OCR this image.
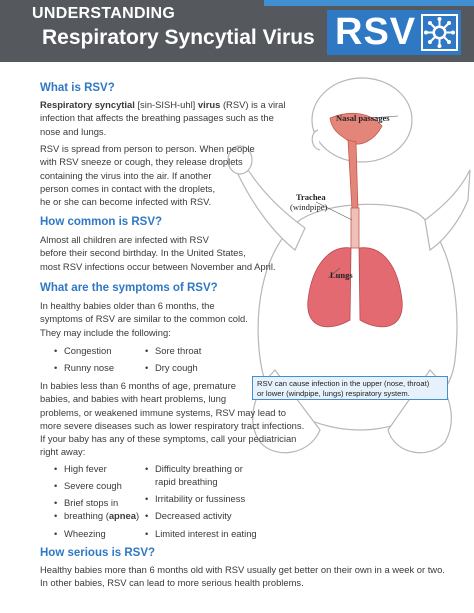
UNDERSTANDING
Respiratory Syncytial Virus RSV
Nasal passages
Trachea
(windpipe)
Lungs
RSV can cause infection in the upper (nose, throat)
or lower (windpipe, lungs) respiratory system.
What is RSV?
Respiratory syncytial [sin-SISH-uhl] virus (RSV) is a viral
infection that affects the breathing passages such as the
nose and lungs.
RSV is spread from person to person. When people
with RSV sneeze or cough, they release droplets
containing the virus into the air. If another
person comes in contact with the droplets,
he or she can become infected with RSV.
How common is RSV?
Almost all children are infected with RSV
before their second birthday. In the United States,
most RSV infections occur between November and April.
What are the symptoms of RSV?
In healthy babies older than 6 months, the
symptoms of RSV are similar to the common cold.
They may include the following:
• Congestion
• Runny nose
• Sore throat
• Dry cough
In babies less than 6 months of age, premature
babies, and babies with heart problems, lung
problems, or weakened immune systems, RSV may lead to
more severe diseases such as lower respiratory tract infections.
If your baby has any of these symptoms, call your pediatrician
right away:
• High fever
• Severe cough
• Brief stops in
• breathing (apnea)
• Wheezing
• Difficulty breathing or
rapid breathing
• Irritability or fussiness
• Decreased activity
• Limited interest in eating
How serious is RSV?
Healthy babies more than 6 months old with RSV usually get better on their own in a week or two.
In other babies, RSV can lead to more serious health problems.
